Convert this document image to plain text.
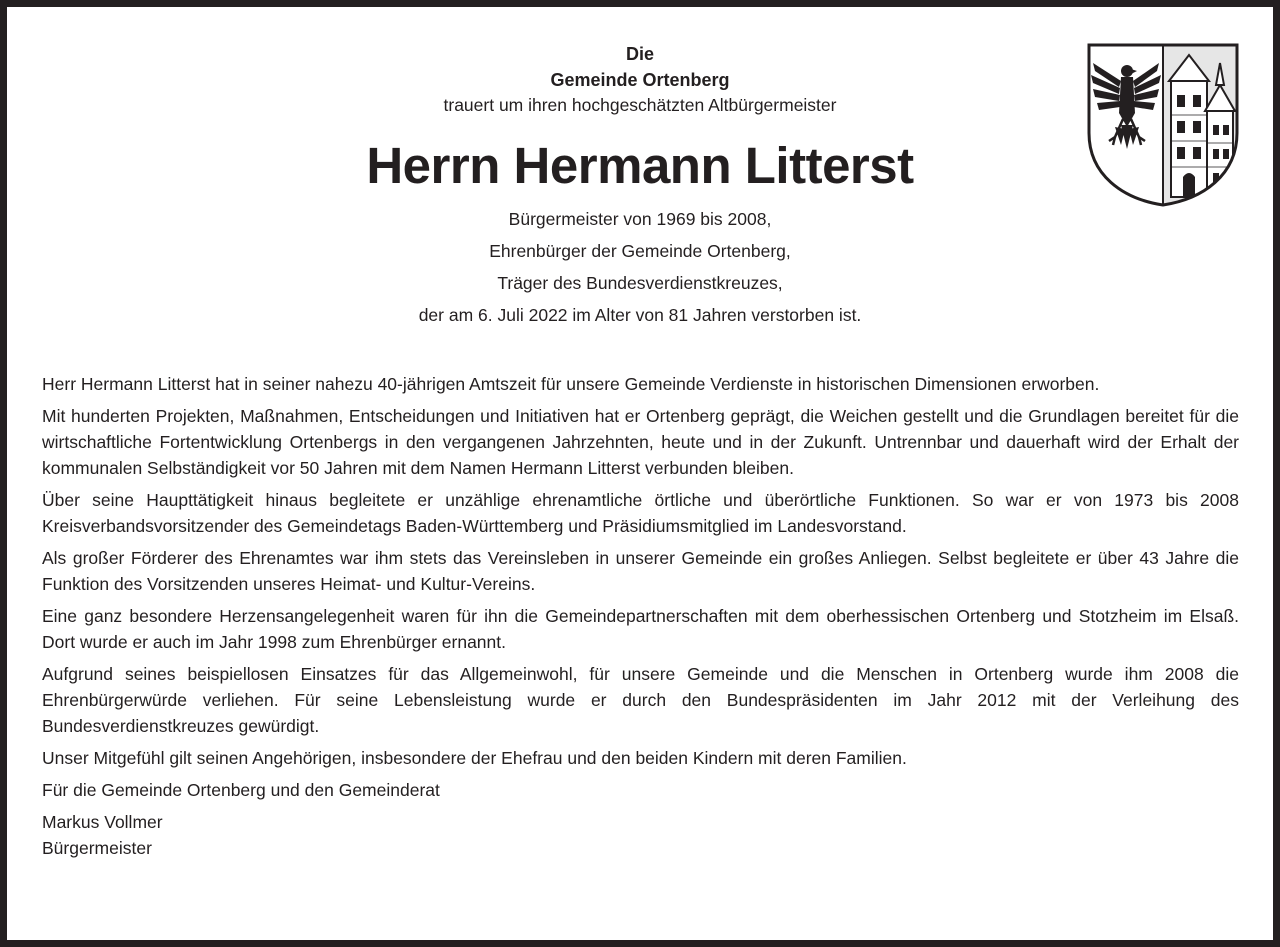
Die
Gemeinde Ortenberg
trauert um ihren hochgeschätzten Altbürgermeister
Herrn Hermann Litterst
Bürgermeister von 1969 bis 2008,
Ehrenbürger der Gemeinde Ortenberg,
Träger des Bundesverdienstkreuzes,
der am 6. Juli 2022 im Alter von 81 Jahren verstorben ist.

Herr Hermann Litterst hat in seiner nahezu 40-jährigen Amtszeit für unsere Gemeinde Verdienste in historischen Dimensionen erworben.

Mit hunderten Projekten, Maßnahmen, Entscheidungen und Initiativen hat er Ortenberg geprägt, die Weichen gestellt und die Grundlagen bereitet für die wirtschaftliche Fortentwicklung Ortenbergs in den vergangenen Jahrzehnten, heute und in der Zukunft. Untrennbar und dauerhaft wird der Erhalt der kommunalen Selbständigkeit vor 50 Jahren mit dem Namen Hermann Litterst verbunden bleiben.

Über seine Haupttätigkeit hinaus begleitete er unzählige ehrenamtliche örtliche und überörtliche Funktionen. So war er von 1973 bis 2008 Kreisverbandsvorsitzender des Gemeindetags Baden-Württemberg und Präsidiumsmitglied im Landesvorstand.

Als großer Förderer des Ehrenamtes war ihm stets das Vereinsleben in unserer Gemeinde ein großes Anliegen. Selbst begleitete er über 43 Jahre die Funktion des Vorsitzenden unseres Heimat- und Kultur-Vereins.

Eine ganz besondere Herzensangelegenheit waren für ihn die Gemeindepartnerschaften mit dem oberhessischen Ortenberg und Stotzheim im Elsaß. Dort wurde er auch im Jahr 1998 zum Ehrenbürger ernannt.

Aufgrund seines beispiellosen Einsatzes für das Allgemeinwohl, für unsere Gemeinde und die Menschen in Ortenberg wurde ihm 2008 die Ehrenbürgerwürde verliehen. Für seine Lebensleistung wurde er durch den Bundespräsidenten im Jahr 2012 mit der Verleihung des Bundesverdienstkreuzes gewürdigt.

Unser Mitgefühl gilt seinen Angehörigen, insbesondere der Ehefrau und den beiden Kindern mit deren Familien.

Für die Gemeinde Ortenberg und den Gemeinderat

Markus Vollmer

Bürgermeister
